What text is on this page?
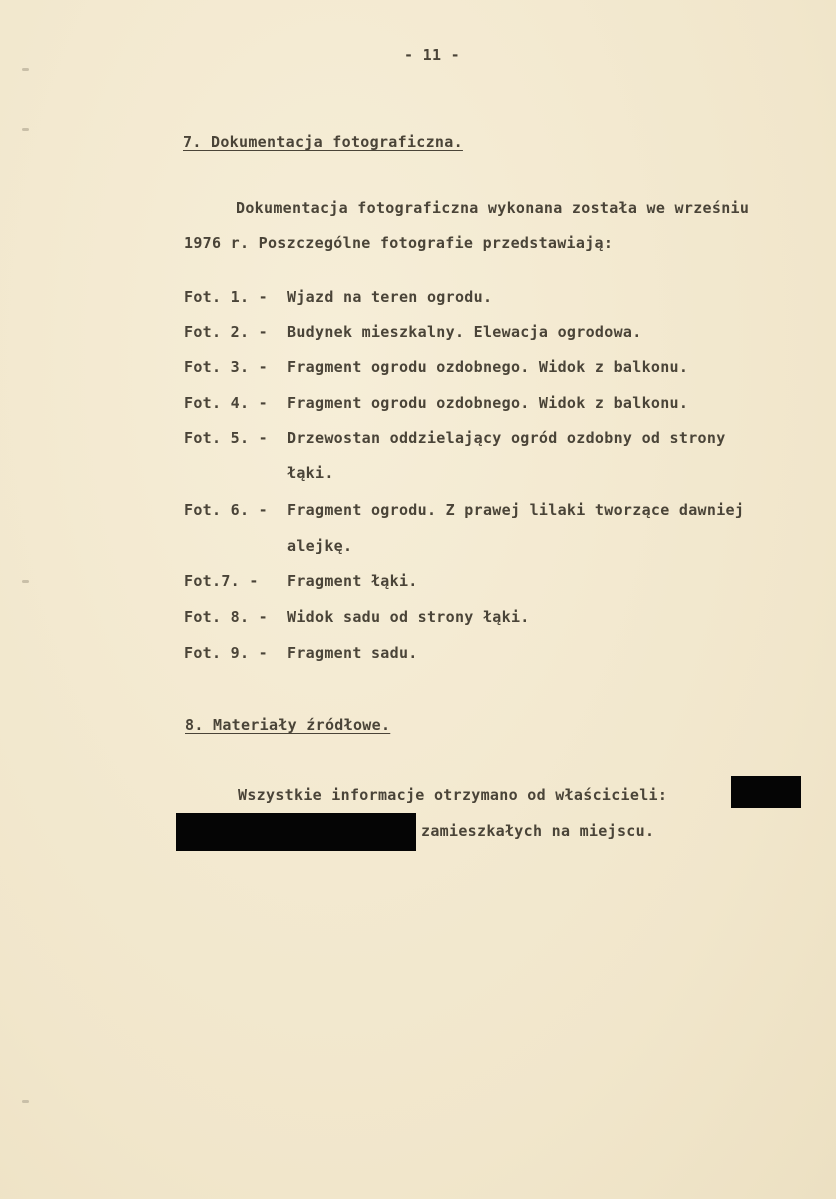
- 11 -
7. Dokumentacja fotograficzna.
Dokumentacja fotograficzna wykonana została we wrześniu
1976 r. Poszczególne fotografie przedstawiają:
Fot. 1. - Wjazd na teren ogrodu.
Fot. 2. - Budynek mieszkalny. Elewacja ogrodowa.
Fot. 3. - Fragment ogrodu ozdobnego. Widok z balkonu.
Fot. 4. - Fragment ogrodu ozdobnego. Widok z balkonu.
Fot. 5. - Drzewostan oddzielający ogród ozdobny od strony
łąki.
Fot. 6. - Fragment ogrodu. Z prawej lilaki tworzące dawniej
alejkę.
Fot.7. - Fragment łąki.
Fot. 8. - Widok sadu od strony łąki.
Fot. 9. - Fragment sadu.
8. Materiały źródłowe.
Wszystkie informacje otrzymano od właścicieli:
zamieszkałych na miejscu.
